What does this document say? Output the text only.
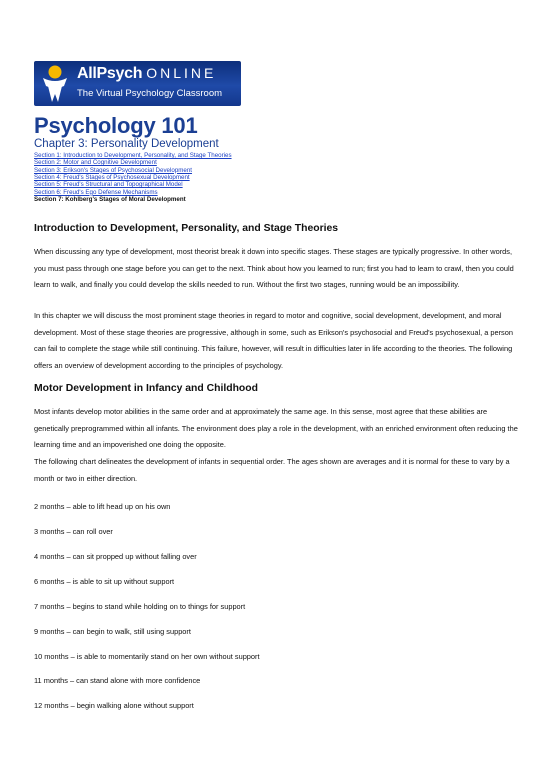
AllPsych ONLINE
The Virtual Psychology Classroom
Psychology 101
Chapter 3: Personality Development
Section 1: Introduction to Development, Personality, and Stage Theories
Section 2: Motor and Cognitive Development
Section 3: Erikson's Stages of Psychosocial Development
Section 4: Freud's Stages of Psychosexual Development
Section 5: Freud's Structural and Topographical Model
Section 6: Freud's Ego Defense Mechanisms
Section 7: Kohlberg's Stages of Moral Development
Introduction to Development, Personality, and Stage Theories

When discussing any type of development, most theorist break it down into specific stages. These stages are typically progressive. In other words, you must pass through one stage before you can get to the next. Think about how you learned to run; first you had to learn to crawl, then you could learn to walk, and finally you could develop the skills needed to run. Without the first two stages, running would be an impossibility.

In this chapter we will discuss the most prominent stage theories in regard to motor and cognitive, social development, development, and moral development. Most of these stage theories are progressive, although in some, such as Erikson's psychosocial and Freud's psychosexual, a person can fail to complete the stage while still continuing. This failure, however, will result in difficulties later in life according to the theories. The following offers an overview of development according to the principles of psychology.

Motor Development in Infancy and Childhood

Most infants develop motor abilities in the same order and at approximately the same age. In this sense, most agree that these abilities are genetically preprogrammed within all infants. The environment does play a role in the development, with an enriched environment often reducing the learning time and an impoverished one doing the opposite.

The following chart delineates the development of infants in sequential order. The ages shown are averages and it is normal for these to vary by a month or two in either direction.

2 months – able to lift head up on his own
3 months – can roll over
4 months – can sit propped up without falling over
6 months – is able to sit up without support
7 months – begins to stand while holding on to things for support
9 months – can begin to walk, still using support
10 months – is able to momentarily stand on her own without support
11 months – can stand alone with more confidence
12 months – begin walking alone without support
